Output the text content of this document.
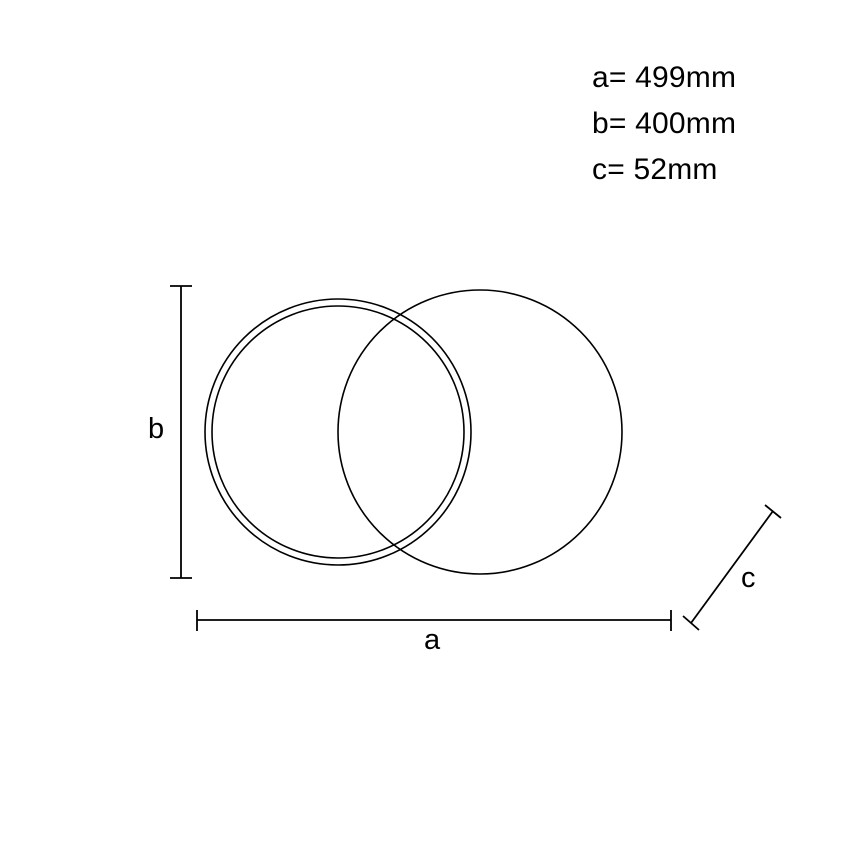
a= 499mm
b= 400mm
c= 52mm
b
a
c
